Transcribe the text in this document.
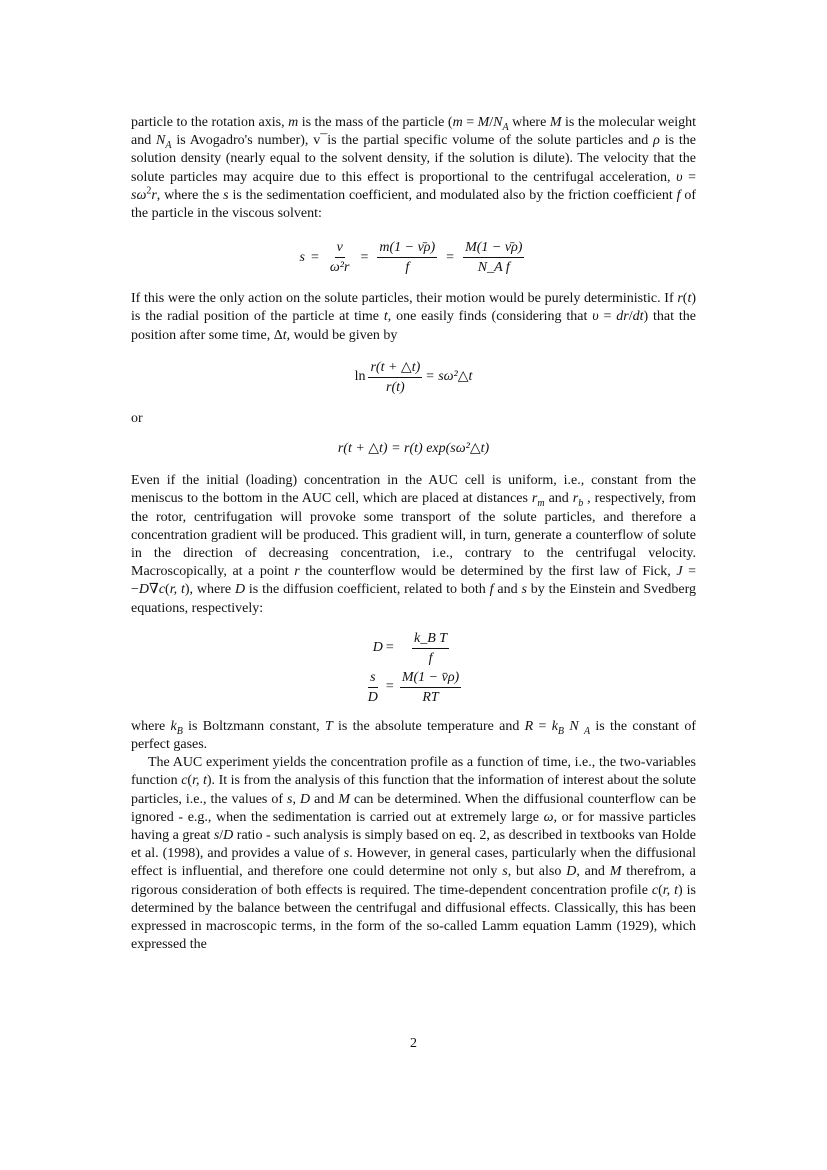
particle to the rotation axis, m is the mass of the particle ($m = M/N_A$ where M is the molecular weight and $N_A$ is Avogadro's number), v¯is the partial specific volume of the solute particles and ρ is the solution density (nearly equal to the solvent density, if the solution is dilute). The velocity that the solute particles may acquire due to this effect is proportional to the centrifugal acceleration, $\upsilon = s\omega^2r$, where the s is the sedimentation coefficient, and modulated also by the friction coefficient f of the particle in the viscous solvent:

$s = \frac{\nu}{\text{ω²r}} = \frac{m(1 - \nū\rho)}{f} = \frac{M(1 - \nū\rho)}{\text{N\_A f}}$

If this were the only action on the solute particles, their motion would be purely deterministic. If r(t) is the radial position of the particle at time t, one easily finds (considering that υ = dr/dt) that the position after some time, Δt, would be given by

$\ln \frac{r(t + \triangle t)}{r(t)}$ = sω²△t

or

r(t + △t) = r(t) exp(sω²△t)

Even if the initial (loading) concentration in the AUC cell is uniform, i.e., constant from the meniscus to the bottom in the AUC cell, which are placed at distances $r_m$ and $r_b$ , respectively, from the rotor, centrifugation will provoke some transport of the solute particles, and therefore a concentration gradient will be produced. This gradient will, in turn, generate a counterflow of solute in the direction of decreasing concentration, i.e., contrary to the centrifugal velocity. Macroscopically, at a point r the counterflow would be determined by the first law of Fick, J = −D∇c(r, t), where D is the diffusion coefficient, related to both f and s by the Einstein and Svedberg equations, respectively:

$D = \frac{\text{k\_B T}}{f}$
$\frac{s}{D} = \frac{M(1 - v̄\rho)}{RT}$

where $k_B$ is Boltzmann constant, T is the absolute temperature and $R = k_B$ N $_A$ is the constant of perfect gases.

The AUC experiment yields the concentration profile as a function of time, i.e., the two-variables function c(r, t). It is from the analysis of this function that the information of interest about the solute particles, i.e., the values of s, D and M can be determined. When the diffusional counterflow can be ignored - e.g., when the sedimentation is carried out at extremely large ω, or for massive particles having a great s/D ratio - such analysis is simply based on eq. 2, as described in textbooks van Holde et al. (1998), and provides a value of s. However, in general cases, particularly when the diffusional effect is influential, and therefore one could determine not only s, but also D, and M therefrom, a rigorous consideration of both effects is required. The time-dependent concentration profile c(r, t) is determined by the balance between the centrifugal and diffusional effects. Classically, this has been expressed in macroscopic terms, in the form of the so-called Lamm equation Lamm (1929), which expressed the

2
